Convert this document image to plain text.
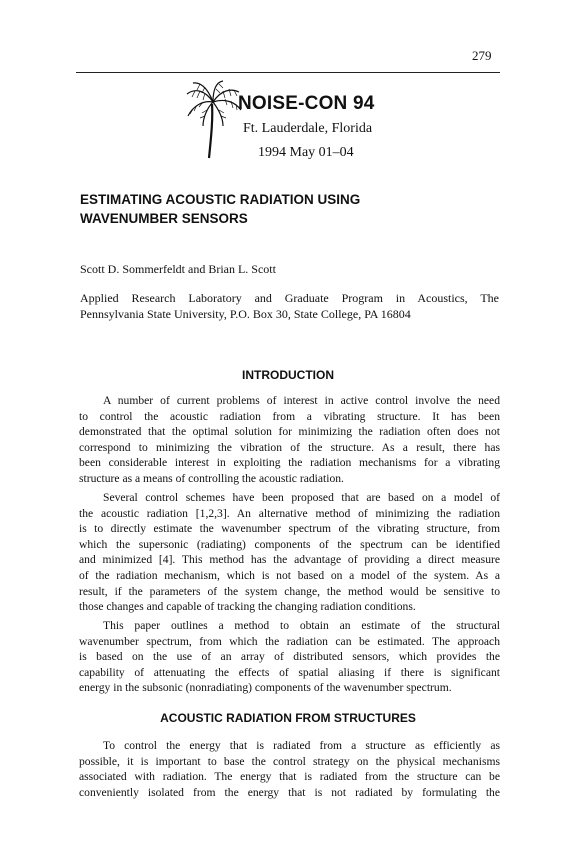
279
NOISE-CON 94
Ft. Lauderdale, Florida
1994 May 01–04
ESTIMATING ACOUSTIC RADIATION USING
WAVENUMBER SENSORS
Scott D. Sommerfeldt and Brian L. Scott
Applied Research Laboratory and Graduate Program in Acoustics, The
Pennsylvania State University, P.O. Box 30, State College, PA 16804
INTRODUCTION
A number of current problems of interest in active control involve the need
to control the acoustic radiation from a vibrating structure. It has been
demonstrated that the optimal solution for minimizing the radiation often does not
correspond to minimizing the vibration of the structure. As a result, there has
been considerable interest in exploiting the radiation mechanisms for a vibrating
structure as a means of controlling the acoustic radiation.
Several control schemes have been proposed that are based on a model of
the acoustic radiation [1,2,3]. An alternative method of minimizing the radiation
is to directly estimate the wavenumber spectrum of the vibrating structure, from
which the supersonic (radiating) components of the spectrum can be identified
and minimized [4]. This method has the advantage of providing a direct measure
of the radiation mechanism, which is not based on a model of the system. As a
result, if the parameters of the system change, the method would be sensitive to
those changes and capable of tracking the changing radiation conditions.
This paper outlines a method to obtain an estimate of the structural
wavenumber spectrum, from which the radiation can be estimated. The approach
is based on the use of an array of distributed sensors, which provides the
capability of attenuating the effects of spatial aliasing if there is significant
energy in the subsonic (nonradiating) components of the wavenumber spectrum.
ACOUSTIC RADIATION FROM STRUCTURES
To control the energy that is radiated from a structure as efficiently as
possible, it is important to base the control strategy on the physical mechanisms
associated with radiation. The energy that is radiated from the structure can be
conveniently isolated from the energy that is not radiated by formulating the
